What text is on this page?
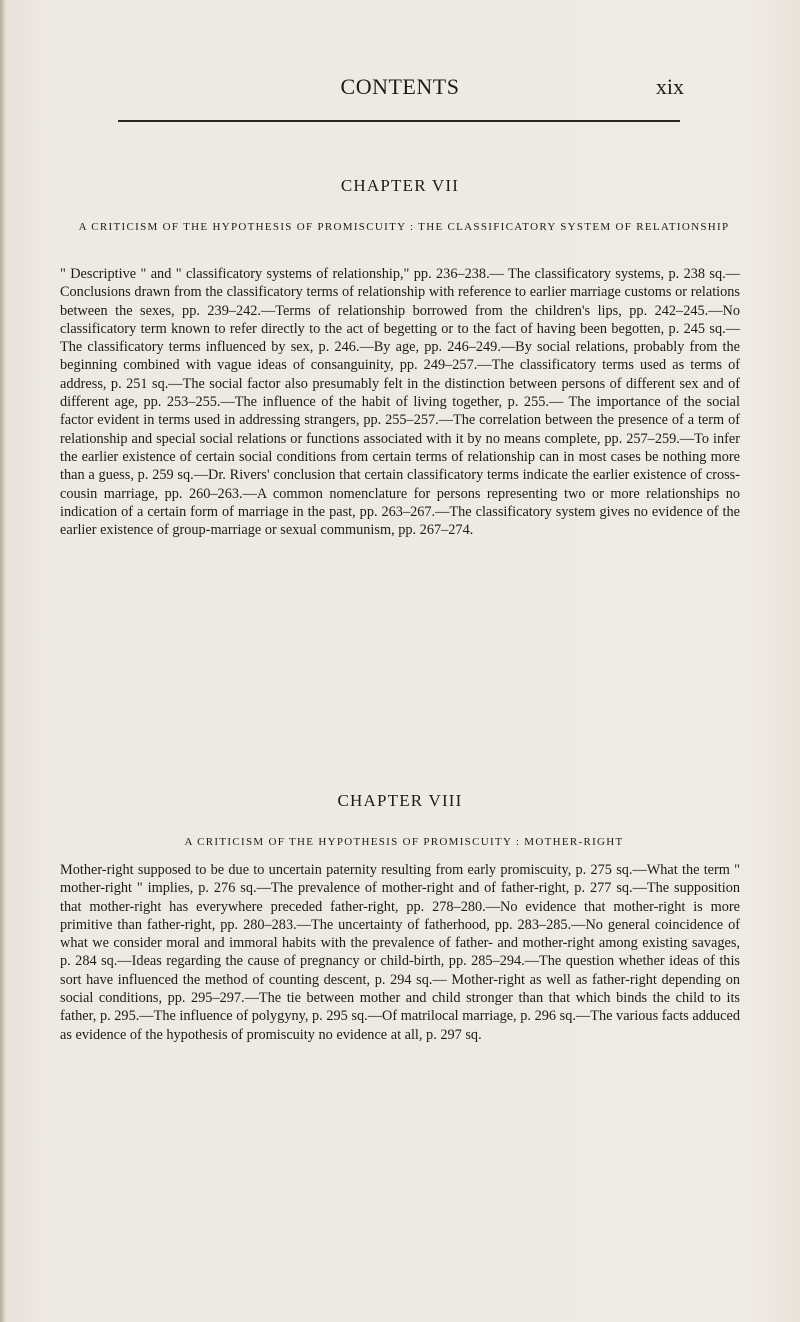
CONTENTS	xix
CHAPTER VII
A CRITICISM OF THE HYPOTHESIS OF PROMISCUITY : THE CLASSIFICATORY SYSTEM OF RELATIONSHIP
" Descriptive " and " classificatory systems of relationship," pp. 236–238.— The classificatory systems, p. 238 sq.—Conclusions drawn from the classificatory terms of relationship with reference to earlier marriage customs or relations between the sexes, pp. 239–242.—Terms of relationship borrowed from the children's lips, pp. 242–245.—No classificatory term known to refer directly to the act of begetting or to the fact of having been begotten, p. 245 sq.—The classificatory terms influenced by sex, p. 246.—By age, pp. 246–249.—By social relations, probably from the beginning combined with vague ideas of consanguinity, pp. 249–257.—The classificatory terms used as terms of address, p. 251 sq.—The social factor also presumably felt in the distinction between persons of different sex and of different age, pp. 253–255.—The influence of the habit of living together, p. 255.— The importance of the social factor evident in terms used in addressing strangers, pp. 255–257.—The correlation between the presence of a term of relationship and special social relations or functions associated with it by no means complete, pp. 257–259.—To infer the earlier existence of certain social conditions from certain terms of relationship can in most cases be nothing more than a guess, p. 259 sq.—Dr. Rivers' conclusion that certain classificatory terms indicate the earlier existence of cross-cousin marriage, pp. 260–263.—A common nomenclature for persons representing two or more relationships no indication of a certain form of marriage in the past, pp. 263–267.—The classificatory system gives no evidence of the earlier existence of group-marriage or sexual communism, pp. 267–274.
CHAPTER VIII
A CRITICISM OF THE HYPOTHESIS OF PROMISCUITY : MOTHER-RIGHT
Mother-right supposed to be due to uncertain paternity resulting from early promiscuity, p. 275 sq.—What the term " mother-right " implies, p. 276 sq.—The prevalence of mother-right and of father-right, p. 277 sq.—The supposition that mother-right has everywhere preceded father-right, pp. 278–280.—No evidence that mother-right is more primitive than father-right, pp. 280–283.—The uncertainty of fatherhood, pp. 283–285.—No general coincidence of what we consider moral and immoral habits with the prevalence of father- and mother-right among existing savages, p. 284 sq.—Ideas regarding the cause of pregnancy or child-birth, pp. 285–294.—The question whether ideas of this sort have influenced the method of counting descent, p. 294 sq.— Mother-right as well as father-right depending on social conditions, pp. 295–297.—The tie between mother and child stronger than that which binds the child to its father, p. 295.—The influence of polygyny, p. 295 sq.—Of matrilocal marriage, p. 296 sq.—The various facts adduced as evidence of the hypothesis of promiscuity no evidence at all, p. 297 sq.
